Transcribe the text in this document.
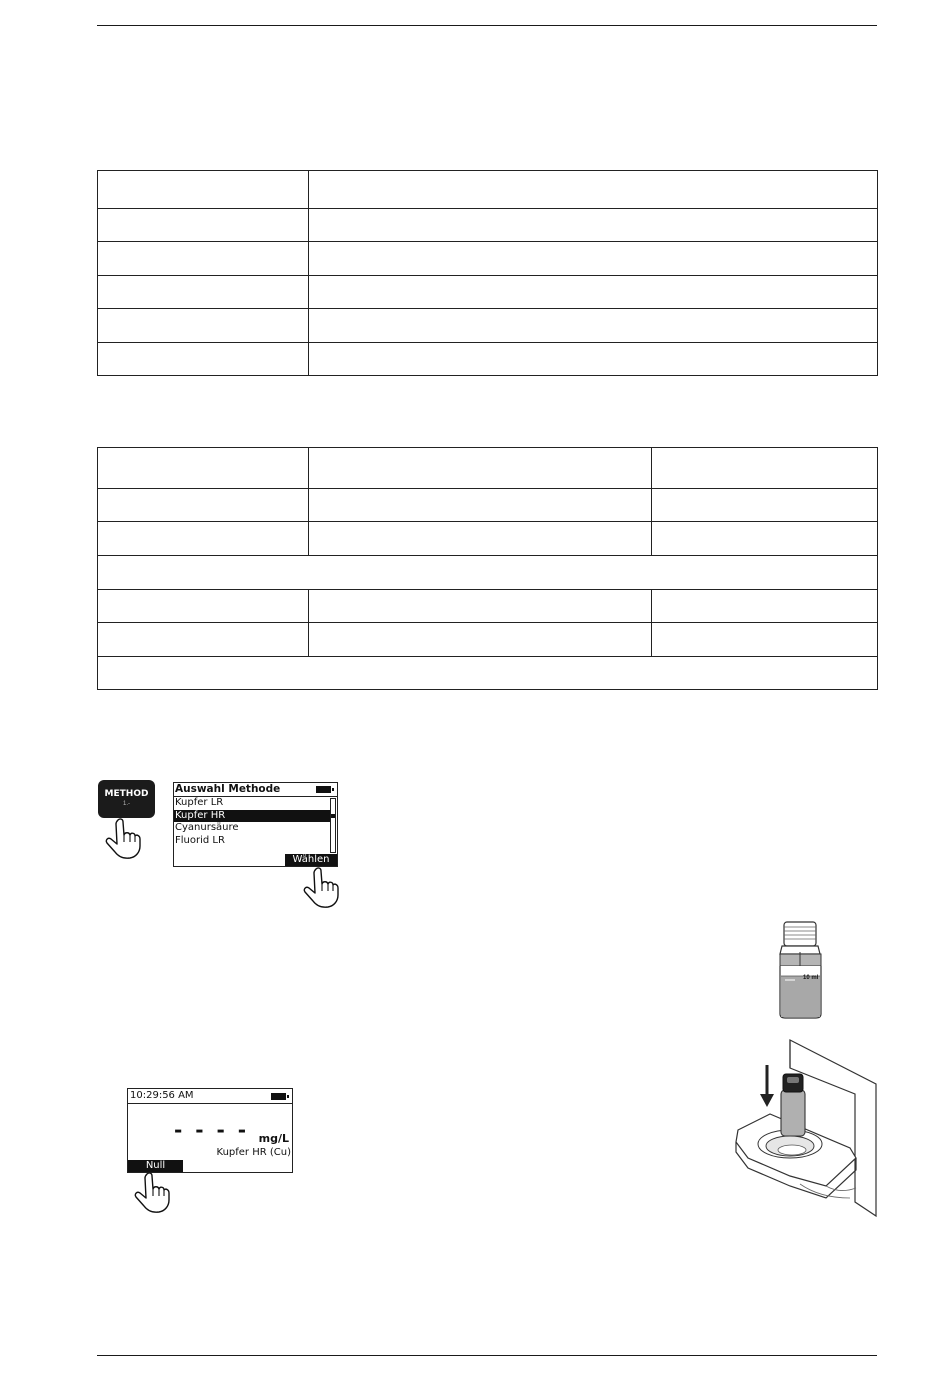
METHOD
1.-
Auswahl Methode
Kupfer LR
Kupfer HR
Cyanursäure
Fluorid LR
Wählen
10 ml
10:29:56 AM
- - - - mg/L
Kupfer HR (Cu)
Null
